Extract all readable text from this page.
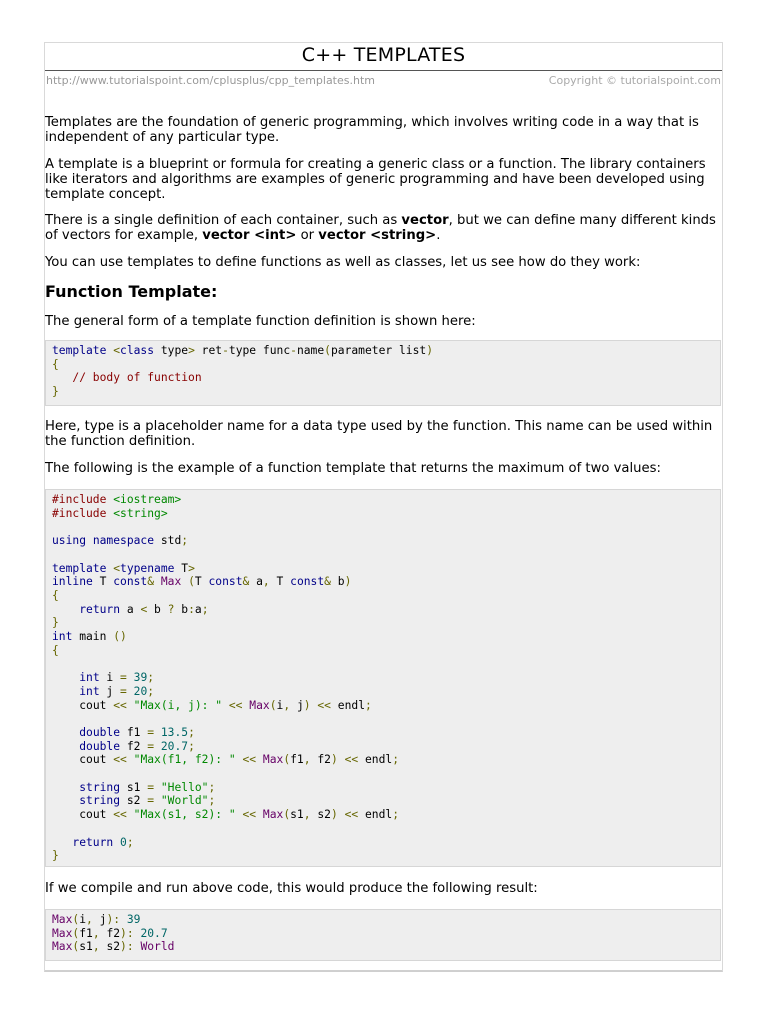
C++ TEMPLATES
http://www.tutorialspoint.com/cplusplus/cpp_templates.htm	Copyright © tutorialspoint.com
Templates are the foundation of generic programming, which involves writing code in a way that is independent of any particular type.
A template is a blueprint or formula for creating a generic class or a function. The library containers like iterators and algorithms are examples of generic programming and have been developed using template concept.
There is a single definition of each container, such as vector, but we can define many different kinds of vectors for example, vector <int> or vector <string>.
You can use templates to define functions as well as classes, let us see how do they work:
Function Template:
The general form of a template function definition is shown here:
template <class type> ret-type func-name(parameter list)
{
// body of function
}
Here, type is a placeholder name for a data type used by the function. This name can be used within the function definition.
The following is the example of a function template that returns the maximum of two values:
#include <iostream>
#include <string>

using namespace std;

template <typename T>
inline T const& Max (T const& a, T const& b)
{
return a < b ? b:a;
}
int main ()
{

int i = 39;
int j = 20;
cout << "Max(i, j): " << Max(i, j) << endl;

double f1 = 13.5;
double f2 = 20.7;
cout << "Max(f1, f2): " << Max(f1, f2) << endl;

string s1 = "Hello";
string s2 = "World";
cout << "Max(s1, s2): " << Max(s1, s2) << endl;

return 0;
}
If we compile and run above code, this would produce the following result:
Max(i, j): 39
Max(f1, f2): 20.7
Max(s1, s2): World
